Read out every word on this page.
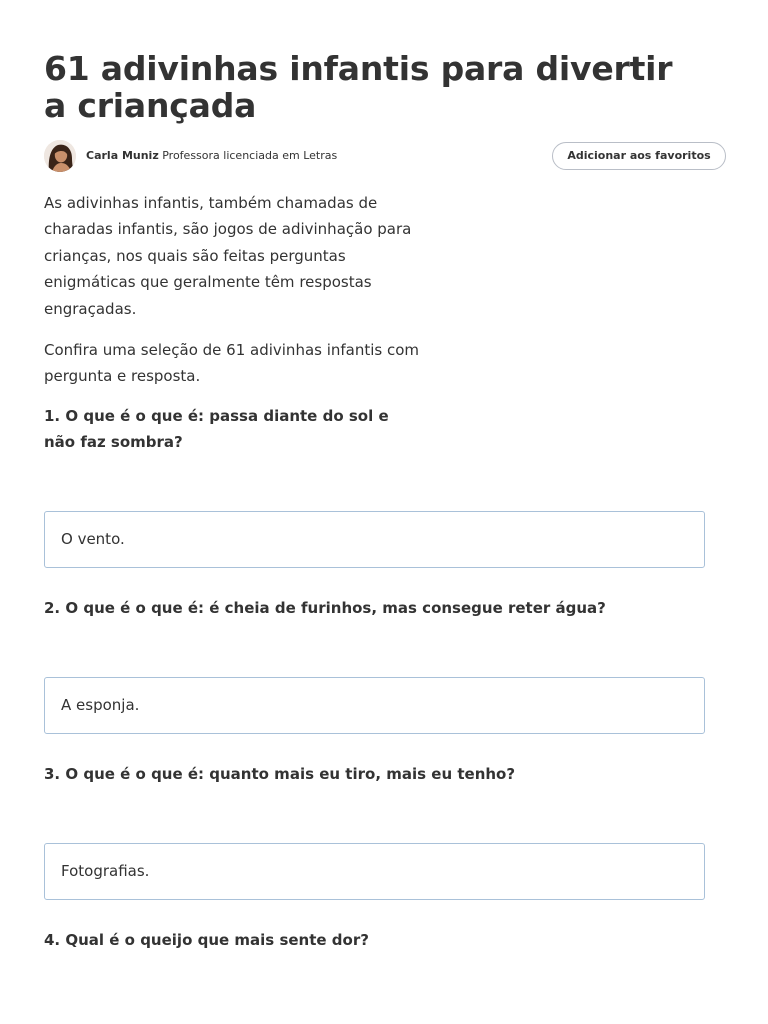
61 adivinhas infantis para divertir a criançada
Carla Muniz Professora licenciada em Letras	Adicionar aos favoritos

As adivinhas infantis, também chamadas de charadas infantis, são jogos de adivinhação para crianças, nos quais são feitas perguntas enigmáticas que geralmente têm respostas engraçadas.

Confira uma seleção de 61 adivinhas infantis com pergunta e resposta.

1. O que é o que é: passa diante do sol e não faz sombra?

O vento.

2. O que é o que é: é cheia de furinhos, mas consegue reter água?

A esponja.

3. O que é o que é: quanto mais eu tiro, mais eu tenho?

Fotografias.

4. Qual é o queijo que mais sente dor?
